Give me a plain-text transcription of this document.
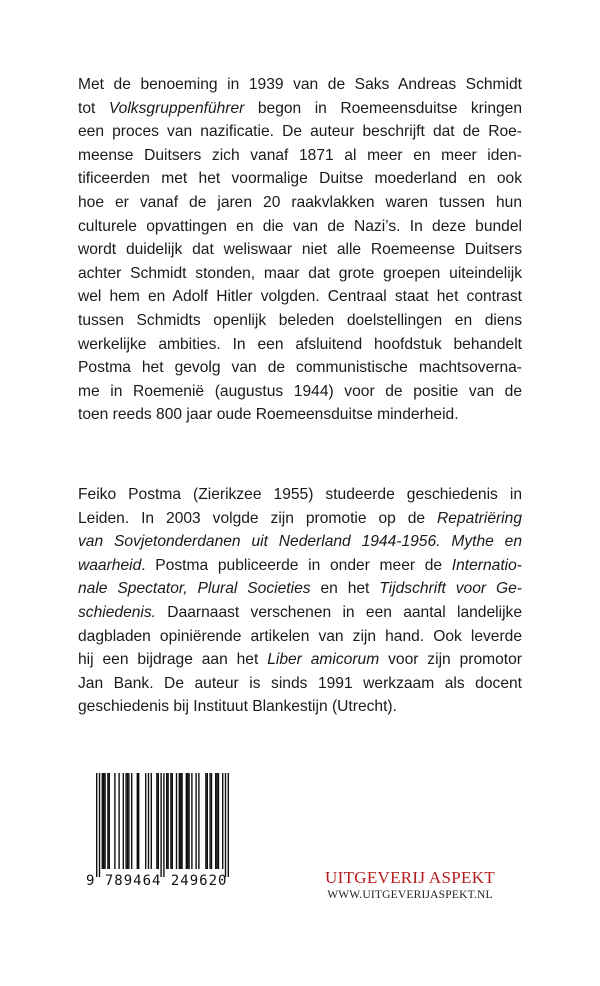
Met de benoeming in 1939 van de Saks Andreas Schmidt
tot Volksgruppenführer begon in Roemeensduitse kringen
een proces van nazificatie. De auteur beschrijft dat de Roe-
meense Duitsers zich vanaf 1871 al meer en meer iden-
tificeerden met het voormalige Duitse moederland en ook
hoe er vanaf de jaren 20 raakvlakken waren tussen hun
culturele opvattingen en die van de Nazi’s. In deze bundel
wordt duidelijk dat weliswaar niet alle Roemeense Duitsers
achter Schmidt stonden, maar dat grote groepen uiteindelijk
wel hem en Adolf Hitler volgden. Centraal staat het contrast
tussen Schmidts openlijk beleden doelstellingen en diens
werkelijke ambities. In een afsluitend hoofdstuk behandelt
Postma het gevolg van de communistische machtsoverna-
me in Roemenië (augustus 1944) voor de positie van de
toen reeds 800 jaar oude Roemeensduitse minderheid.
Feiko Postma (Zierikzee 1955) studeerde geschiedenis in
Leiden. In 2003 volgde zijn promotie op de Repatriëring
van Sovjetonderdanen uit Nederland 1944-1956. Mythe en
waarheid. Postma publiceerde in onder meer de Internatio-
nale Spectator, Plural Societies en het Tijdschrift voor Ge-
schiedenis. Daarnaast verschenen in een aantal landelijke
dagbladen opiniërende artikelen van zijn hand. Ook leverde
hij een bijdrage aan het Liber amicorum voor zijn promotor
Jan Bank. De auteur is sinds 1991 werkzaam als docent
geschiedenis bij Instituut Blankestijn (Utrecht).
9 789464 249620	UITGEVERIJ ASPEKT
WWW.UITGEVERIJASPEKT.NL
